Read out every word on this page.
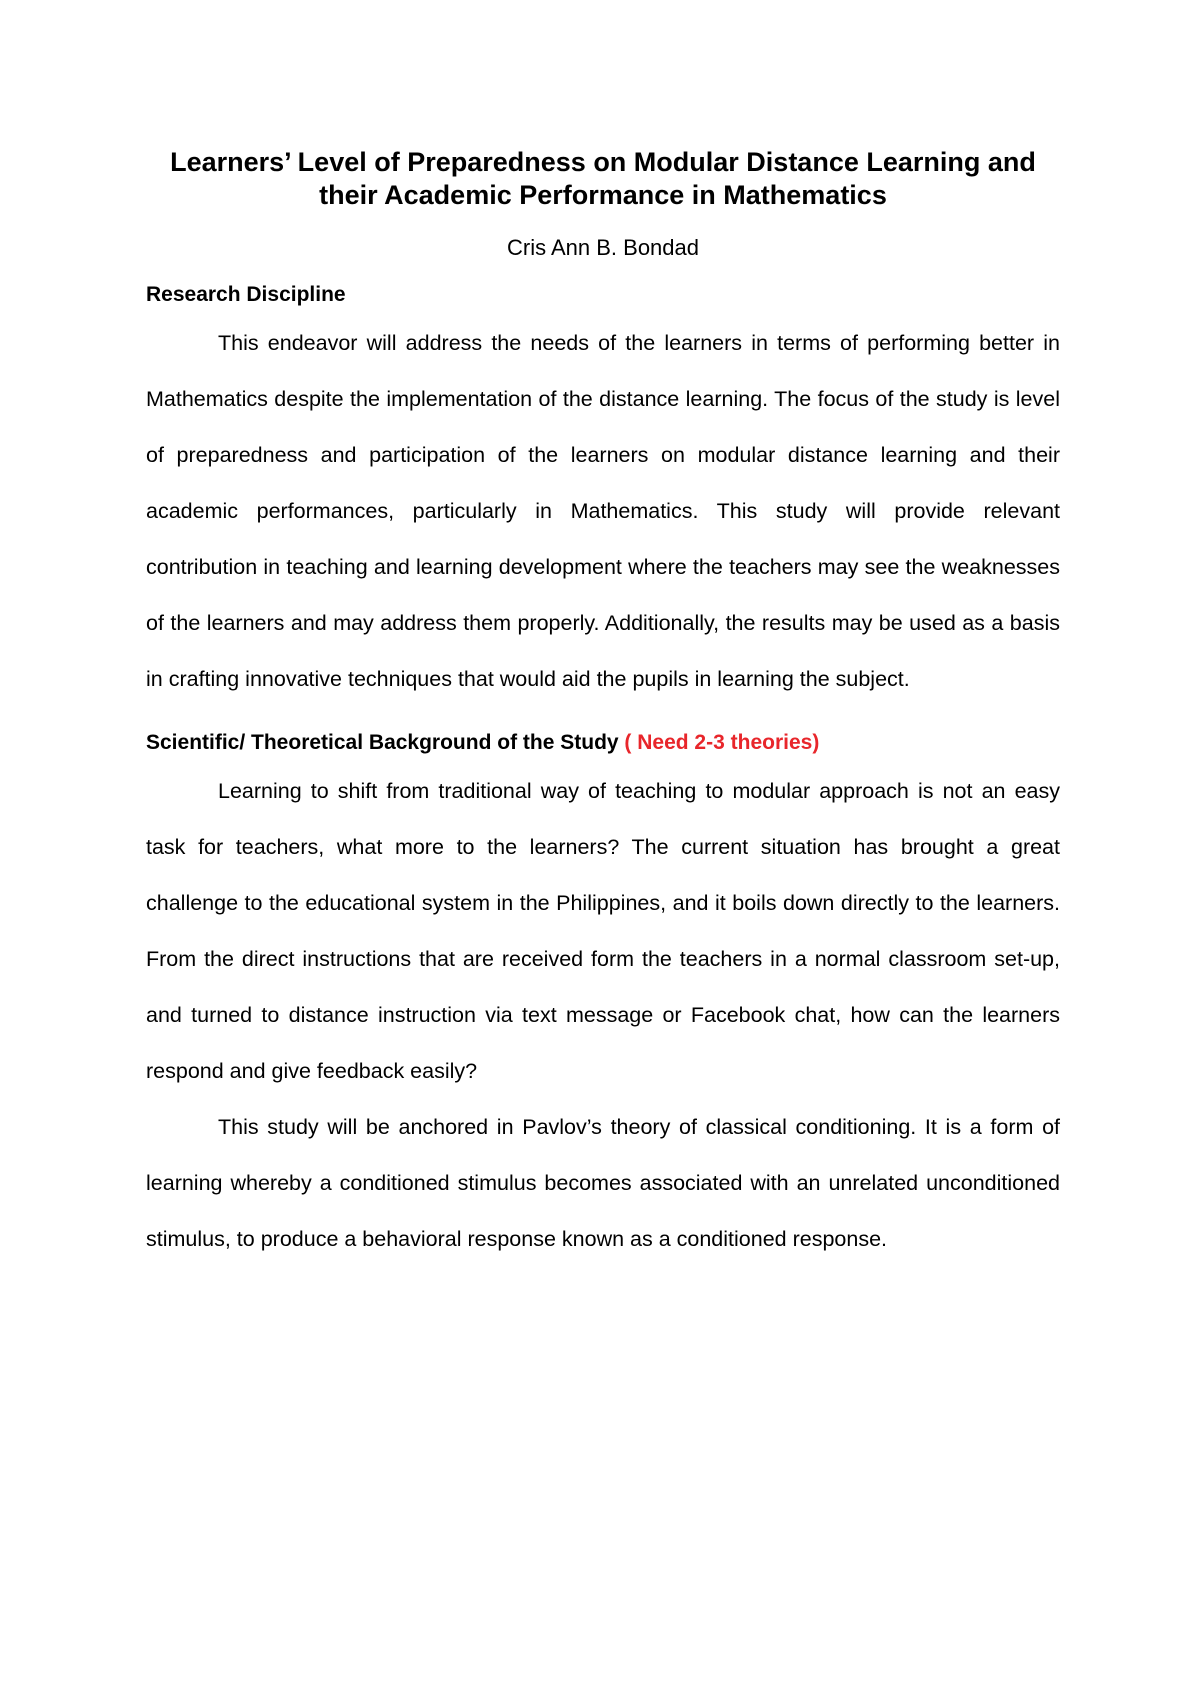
Learners’ Level of Preparedness on Modular Distance Learning and
their Academic Performance in Mathematics

Cris Ann B. Bondad

Research Discipline

This endeavor will address the needs of the learners in terms of performing better in Mathematics despite the implementation of the distance learning. The focus of the study is level of preparedness and participation of the learners on modular distance learning and their academic performances, particularly in Mathematics. This study will provide relevant contribution in teaching and learning development where the teachers may see the weaknesses of the learners and may address them properly. Additionally, the results may be used as a basis in crafting innovative techniques that would aid the pupils in learning the subject.

Scientific/ Theoretical Background of the Study ( Need 2-3 theories)

Learning to shift from traditional way of teaching to modular approach is not an easy task for teachers, what more to the learners? The current situation has brought a great challenge to the educational system in the Philippines, and it boils down directly to the learners. From the direct instructions that are received form the teachers in a normal classroom set-up, and turned to distance instruction via text message or Facebook chat, how can the learners respond and give feedback easily?

This study will be anchored in Pavlov’s theory of classical conditioning. It is a form of learning whereby a conditioned stimulus becomes associated with an unrelated unconditioned stimulus, to produce a behavioral response known as a conditioned response.
